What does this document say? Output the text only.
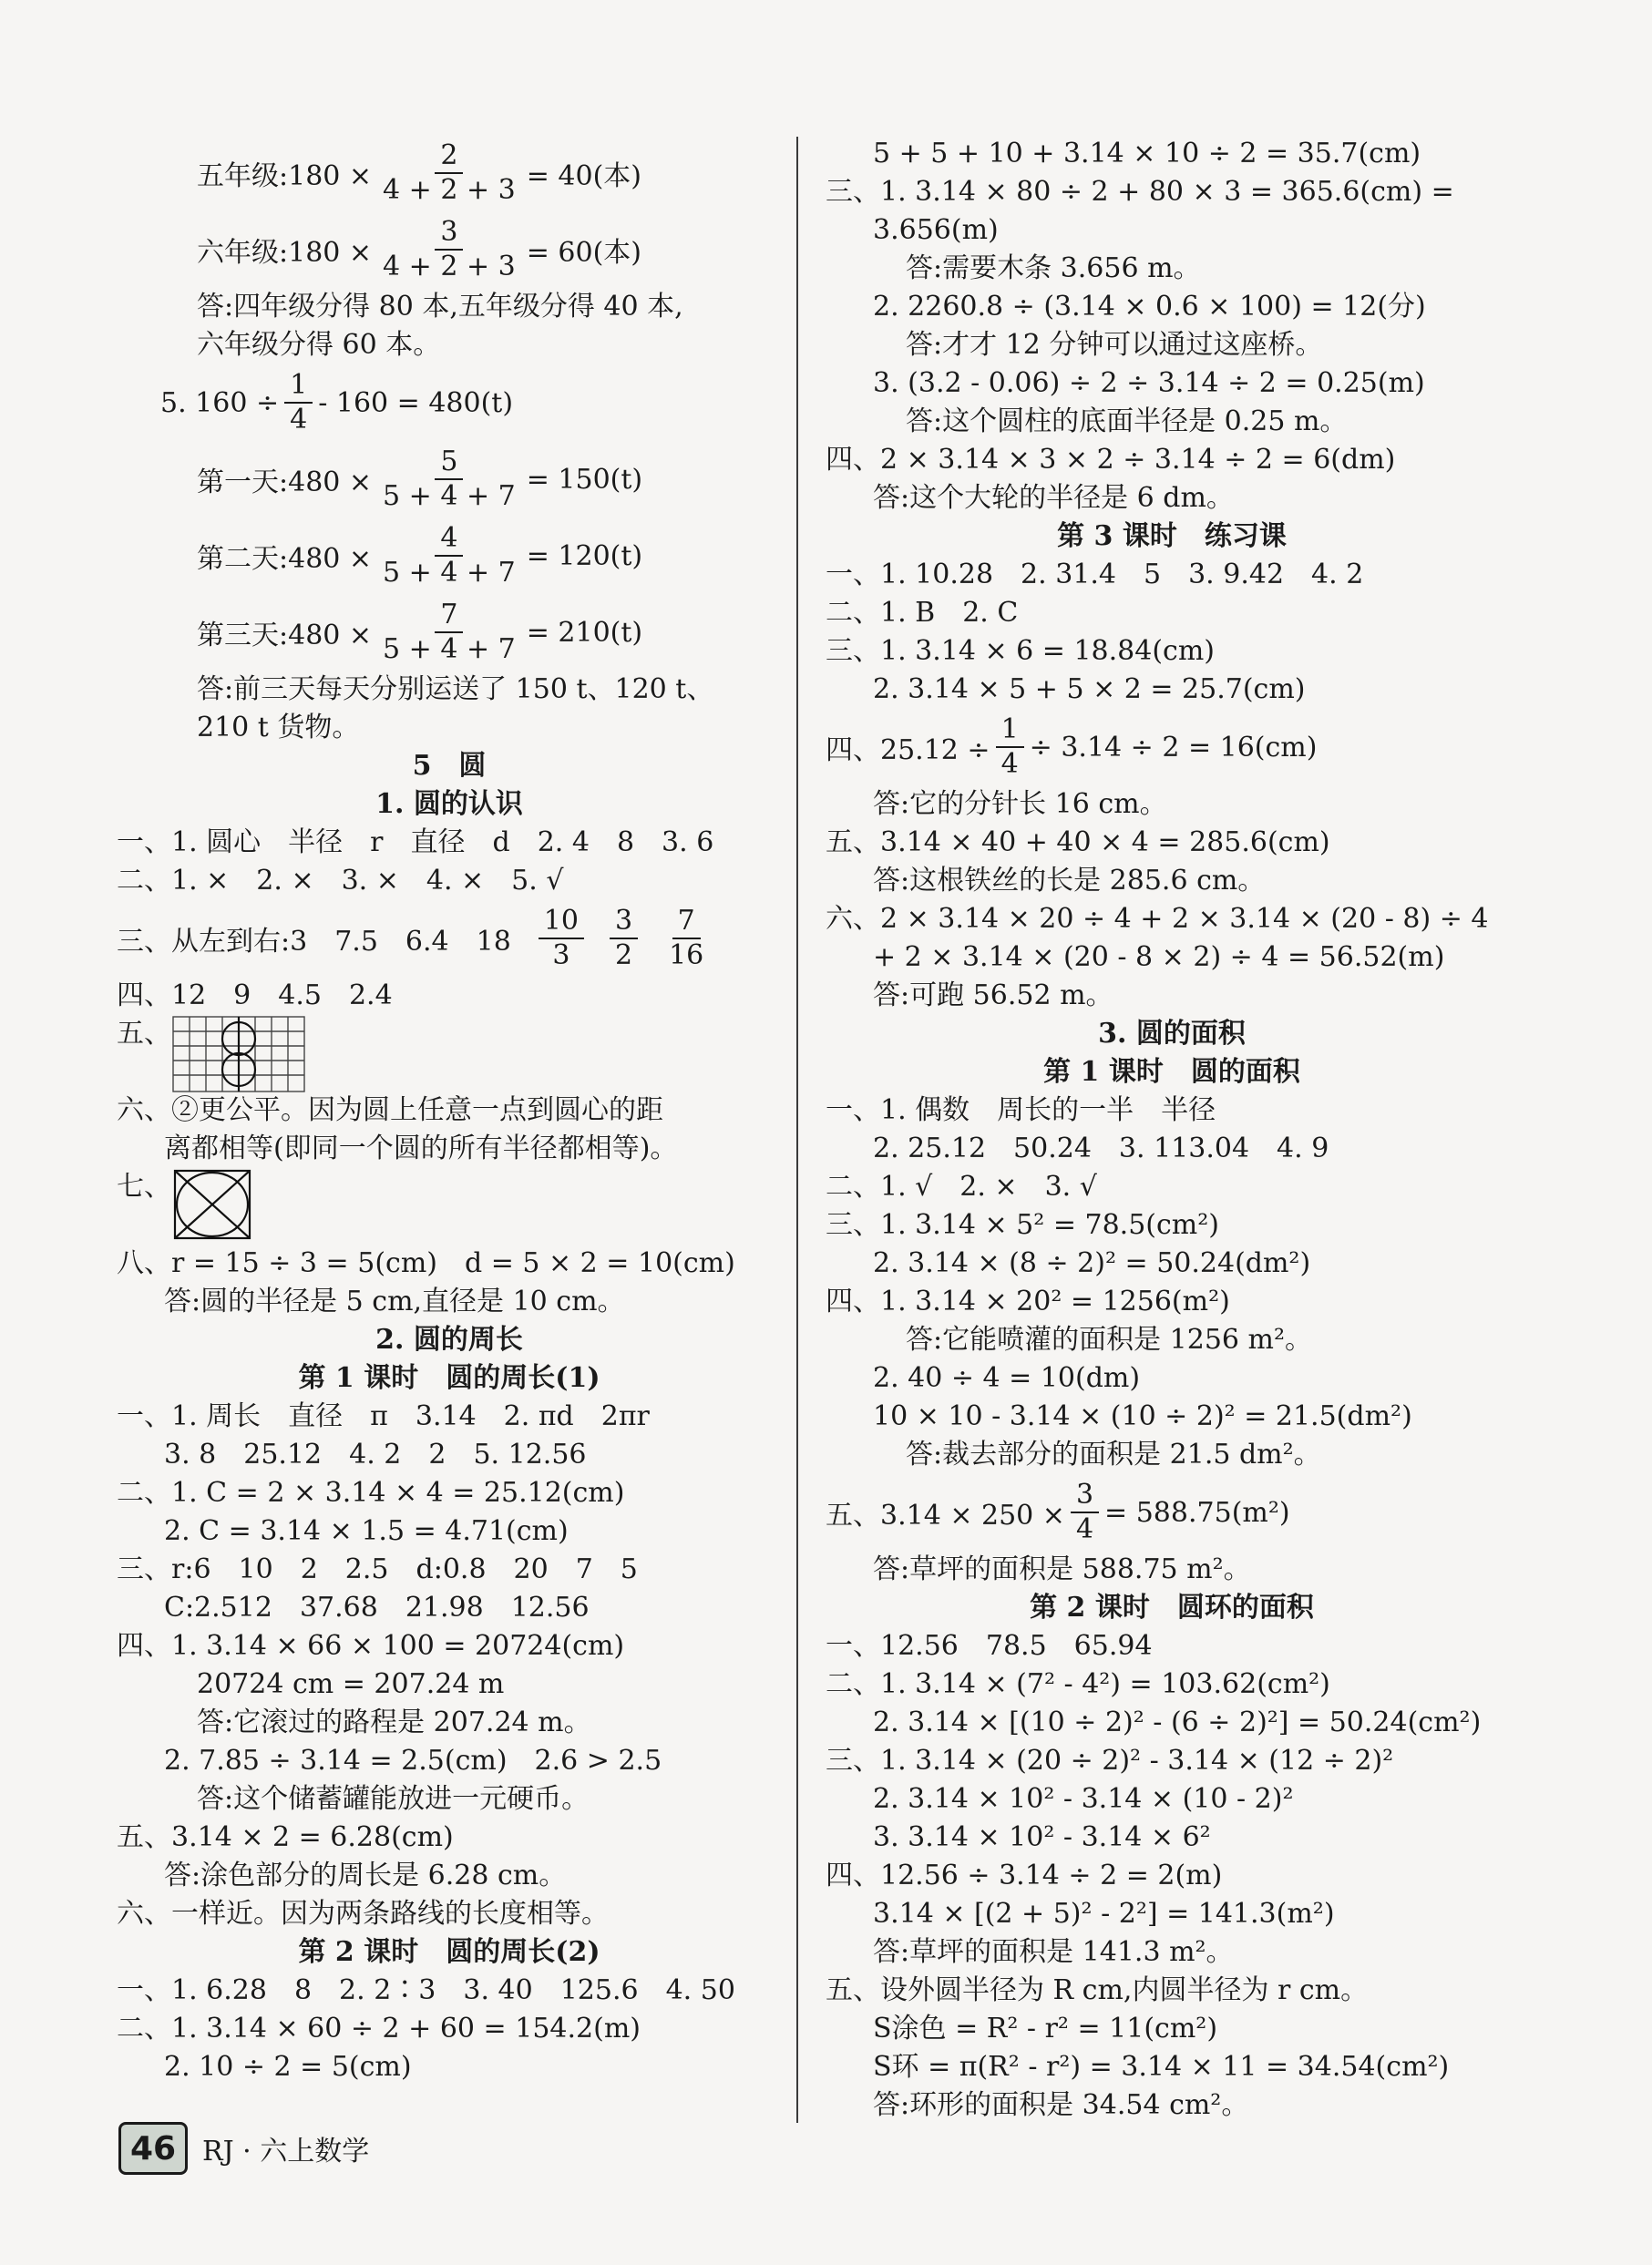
五年级:180 × $\frac{2}{4 + 2 + 3} = 40$(本)
六年级:180 × $\frac{3}{4 + 2 + 3} = 60$(本)
答:四年级分得 80 本,五年级分得 40 本,
六年级分得 60 本。
5. $160 \div \frac{1}{4} - 160 = 480(t)$
第一天:480 × $\frac{5}{5 + 4 + 7} = 150(t)$
第二天:480 × $\frac{4}{5 + 4 + 7} = 120(t)$
第三天:480 × $\frac{7}{5 + 4 + 7} = 210(t)$
答:前三天每天分别运送了 150 t、120 t、
210 t 货物。
5　圆
1. 圆的认识
一、1. 圆心　半径　r　直径　d　2. 4　8　3. 6
二、1. ×　2. ×　3. ×　4. ×　5. √
三、从左到右:3　7.5　6.4　$18 \frac{10}{3} \frac{3}{2} \frac{7}{16}$
四、12　9　4.5　2.4
五、
六、②更公平。因为圆上任意一点到圆心的距
离都相等(即同一个圆的所有半径都相等)。
七、
八、r = 15 ÷ 3 = 5(cm)　d = 5 × 2 = 10(cm)
答:圆的半径是 5 cm,直径是 10 cm。
2. 圆的周长
第 1 课时　圆的周长(1)
一、1. 周长　直径　π　3.14　2. πd　2πr
3. 8　25.12　4. 2　2　5. 12.56
二、1. C = 2 × 3.14 × 4 = 25.12(cm)
2. C = 3.14 × 1.5 = 4.71(cm)
三、r:6　10　2　2.5　d:0.8　20　7　5
C:2.512　37.68　21.98　12.56
四、1. 3.14 × 66 × 100 = 20724(cm)
20724 cm = 207.24 m
答:它滚过的路程是 207.24 m。
2. 7.85 ÷ 3.14 = 2.5(cm)　2.6 > 2.5
答:这个储蓄罐能放进一元硬币。
五、3.14 × 2 = 6.28(cm)
答:涂色部分的周长是 6.28 cm。
六、一样近。因为两条路线的长度相等。
第 2 课时　圆的周长(2)
一、1. 6.28　8　2. 2∶3　3. 40　125.6　4. 50
二、1. 3.14 × 60 ÷ 2 + 60 = 154.2(m)
2. 10 ÷ 2 = 5(cm)
5 + 5 + 10 + 3.14 × 10 ÷ 2 = 35.7(cm)
三、1. 3.14 × 80 ÷ 2 + 80 × 3 = 365.6(cm) =
3.656(m)
答:需要木条 3.656 m。
2. 2260.8 ÷ (3.14 × 0.6 × 100) = 12(分)
答:才才 12 分钟可以通过这座桥。
3. (3.2 - 0.06) ÷ 2 ÷ 3.14 ÷ 2 = 0.25(m)
答:这个圆柱的底面半径是 0.25 m。
四、2 × 3.14 × 3 × 2 ÷ 3.14 ÷ 2 = 6(dm)
答:这个大轮的半径是 6 dm。
第 3 课时　练习课
一、1. 10.28　2. 31.4　5　3. 9.42　4. 2
二、1. B　2. C
三、1. 3.14 × 6 = 18.84(cm)
2. 3.14 × 5 + 5 × 2 = 25.7(cm)
四、$25.12 \div \frac{1}{4} \div 3.14 \div 2 = 16(cm)$
答:它的分针长 16 cm。
五、3.14 × 40 + 40 × 4 = 285.6(cm)
答:这根铁丝的长是 285.6 cm。
六、2 × 3.14 × 20 ÷ 4 + 2 × 3.14 × (20 - 8) ÷ 4
+ 2 × 3.14 × (20 - 8 × 2) ÷ 4 = 56.52(m)
答:可跑 56.52 m。
3. 圆的面积
第 1 课时　圆的面积
一、1. 偶数　周长的一半　半径
2. 25.12　50.24　3. 113.04　4. 9
二、1. √　2. ×　3. √
三、1. 3.14 × 5² = 78.5(cm²)
2. 3.14 × (8 ÷ 2)² = 50.24(dm²)
四、1. 3.14 × 20² = 1256(m²)
答:它能喷灌的面积是 1256 m²。
2. 40 ÷ 4 = 10(dm)
10 × 10 - 3.14 × (10 ÷ 2)² = 21.5(dm²)
答:裁去部分的面积是 21.5 dm²。
五、$3.14 \times 250 \times \frac{3}{4} = 588.75(m^2)$
答:草坪的面积是 588.75 m²。
第 2 课时　圆环的面积
一、12.56　78.5　65.94
二、1. 3.14 × (7² - 4²) = 103.62(cm²)
2. 3.14 × [(10 ÷ 2)² - (6 ÷ 2)²] = 50.24(cm²)
三、1. 3.14 × (20 ÷ 2)² - 3.14 × (12 ÷ 2)²
2. 3.14 × 10² - 3.14 × (10 - 2)²
3. 3.14 × 10² - 3.14 × 6²
四、12.56 ÷ 3.14 ÷ 2 = 2(m)
3.14 × [(2 + 5)² - 2²] = 141.3(m²)
答:草坪的面积是 141.3 m²。
五、设外圆半径为 R cm,内圆半径为 r cm。
S涂色 = R² - r² = 11(cm²)
S环 = π(R² - r²) = 3.14 × 11 = 34.54(cm²)
答:环形的面积是 34.54 cm²。
46 RJ · 六上数学
